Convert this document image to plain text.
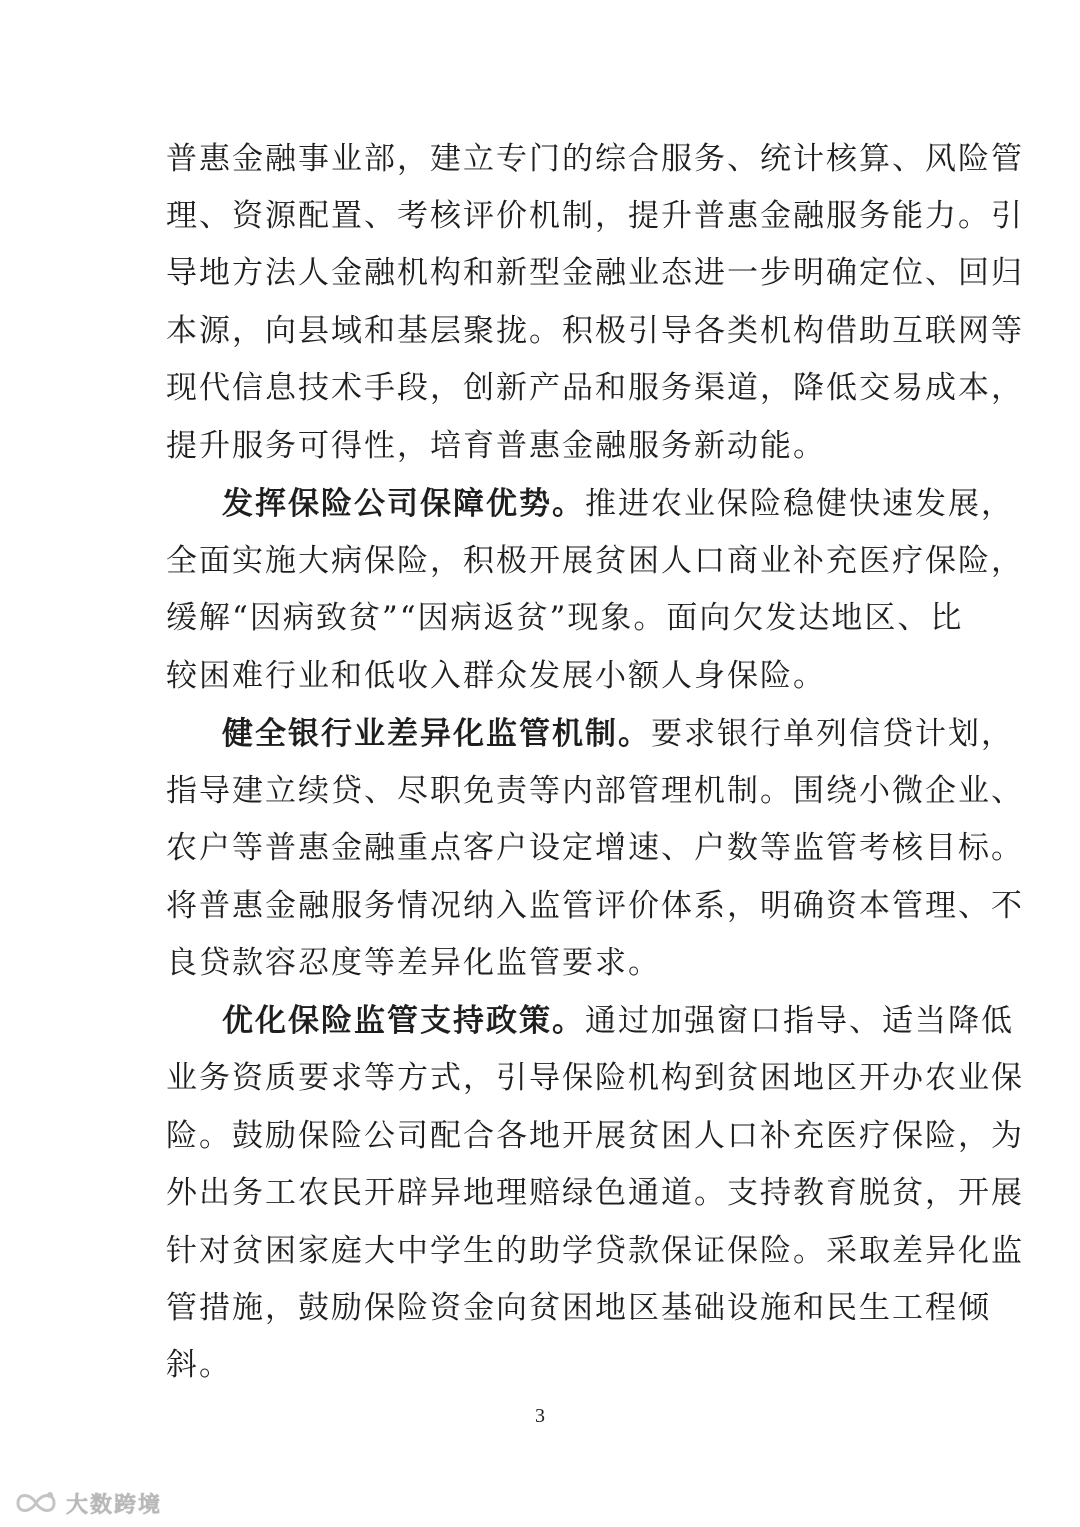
普惠金融事业部，建立专门的综合服务、统计核算、风险管
理、资源配置、考核评价机制，提升普惠金融服务能力。引
导地方法人金融机构和新型金融业态进一步明确定位、回归
本源，向县域和基层聚拢。积极引导各类机构借助互联网等
现代信息技术手段，创新产品和服务渠道，降低交易成本，
提升服务可得性，培育普惠金融服务新动能。
发挥保险公司保障优势。推进农业保险稳健快速发展，
全面实施大病保险，积极开展贫困人口商业补充医疗保险，
缓解“因病致贫”“因病返贫”现象。面向欠发达地区、比
较困难行业和低收入群众发展小额人身保险。
健全银行业差异化监管机制。要求银行单列信贷计划，
指导建立续贷、尽职免责等内部管理机制。围绕小微企业、
农户等普惠金融重点客户设定增速、户数等监管考核目标。
将普惠金融服务情况纳入监管评价体系，明确资本管理、不
良贷款容忍度等差异化监管要求。
优化保险监管支持政策。通过加强窗口指导、适当降低
业务资质要求等方式，引导保险机构到贫困地区开办农业保
险。鼓励保险公司配合各地开展贫困人口补充医疗保险，为
外出务工农民开辟异地理赔绿色通道。支持教育脱贫，开展
针对贫困家庭大中学生的助学贷款保证保险。采取差异化监
管措施，鼓励保险资金向贫困地区基础设施和民生工程倾
斜。
3
大数跨境
